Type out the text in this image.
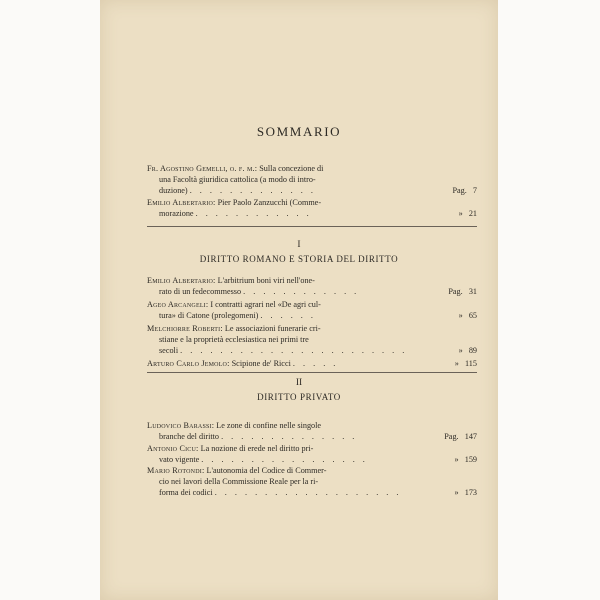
SOMMARIO
Fr. Agostino Gemelli, o. f. m.: Sulla concezione di
una Facoltà giuridica cattolica (a modo di intro-
duzione) . . . . . . . . . . . . .	Pag. 7
Emilio Albertario: Pier Paolo Zanzucchi (Comme-
morazione . . . . . . . . . . . .	» 21
I
DIRITTO ROMANO E STORIA DEL DIRITTO
Emilio Albertario: L'arbitrium boni viri nell'one-
rato di un fedecommesso . . . . . . . . . . . .	Pag. 31
Ageo Arcangeli: I contratti agrari nel «De agri cul-
tura» di Catone (prolegomeni) . . . . . .	» 65
Melchiorre Roberti: Le associazioni funerarie cri-
stiane e la proprietà ecclesiastica nei primi tre
secoli . . . . . . . . . . . . . . . . . . . . . . .	» 89
Arturo Carlo Jemolo: Scipione de' Ricci . . . . .	» 115
II
DIRITTO PRIVATO
Ludovico Barassi: Le zone di confine nelle singole
branche del diritto . . . . . . . . . . . . . .	Pag. 147
Antonio Cicu: La nozione di erede nel diritto pri-
vato vigente . . . . . . . . . . . . . . . . .	» 159
Mario Rotondi: L'autonomia del Codice di Commer-
cio nei lavori della Commissione Reale per la ri-
forma dei codici . . . . . . . . . . . . . . . . . . .	» 173
